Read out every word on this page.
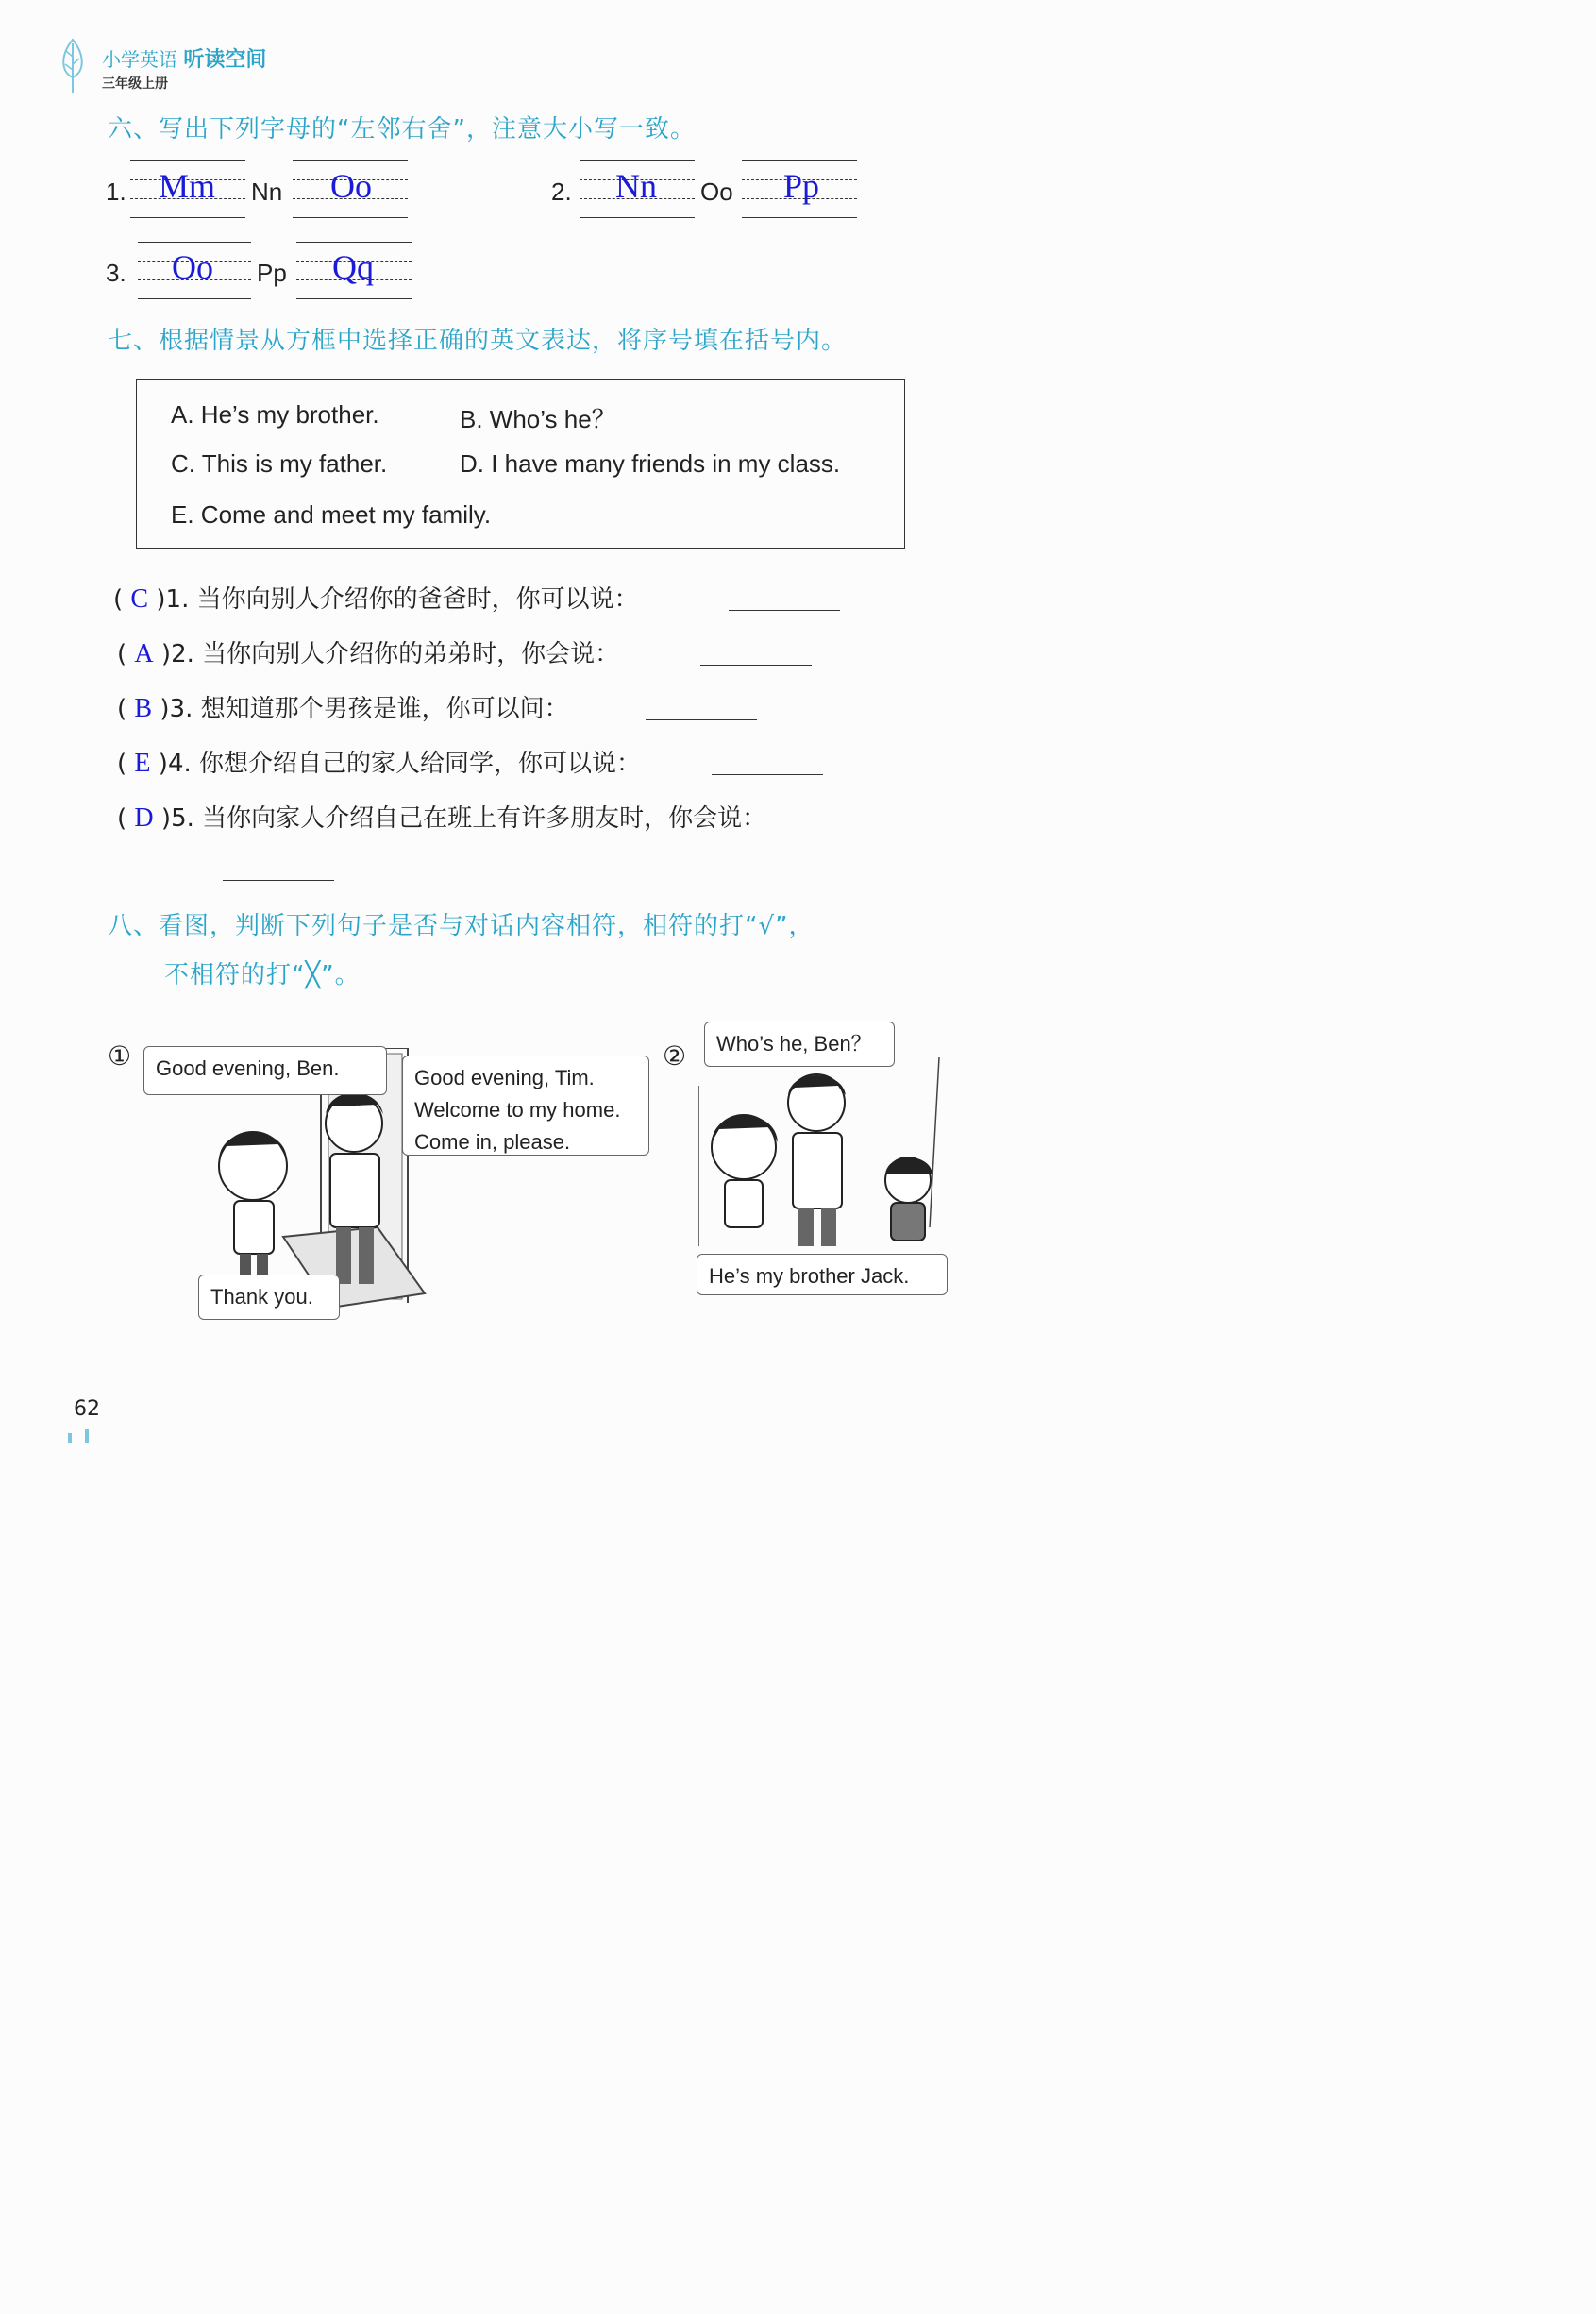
小学英语 听读空间
三年级上册
六、写出下列字母的“左邻右舍”，注意大小写一致。
1. Mm Nn Oo	2. Nn Oo Pp
3. Oo Pp Qq
七、根据情景从方框中选择正确的英文表达，将序号填在括号内。
A. He’s my brother.	B. Who’s he？
C. This is my father.	D. I have many friends in my class.
E. Come and meet my family.
( C )1. 当你向别人介绍你的爸爸时，你可以说：
( A )2. 当你向别人介绍你的弟弟时，你会说：
( B )3. 想知道那个男孩是谁，你可以问：
( E )4. 你想介绍自己的家人给同学，你可以说：
( D )5. 当你向家人介绍自己在班上有许多朋友时，你会说：
八、看图，判断下列句子是否与对话内容相符，相符的打“√”，
不相符的打“╳”。
①	Good evening, Ben.	Good evening, Tim.
Welcome to my home.
Come in, please.
Thank you.
②	Who’s he, Ben？
He’s my brother Jack.
62
